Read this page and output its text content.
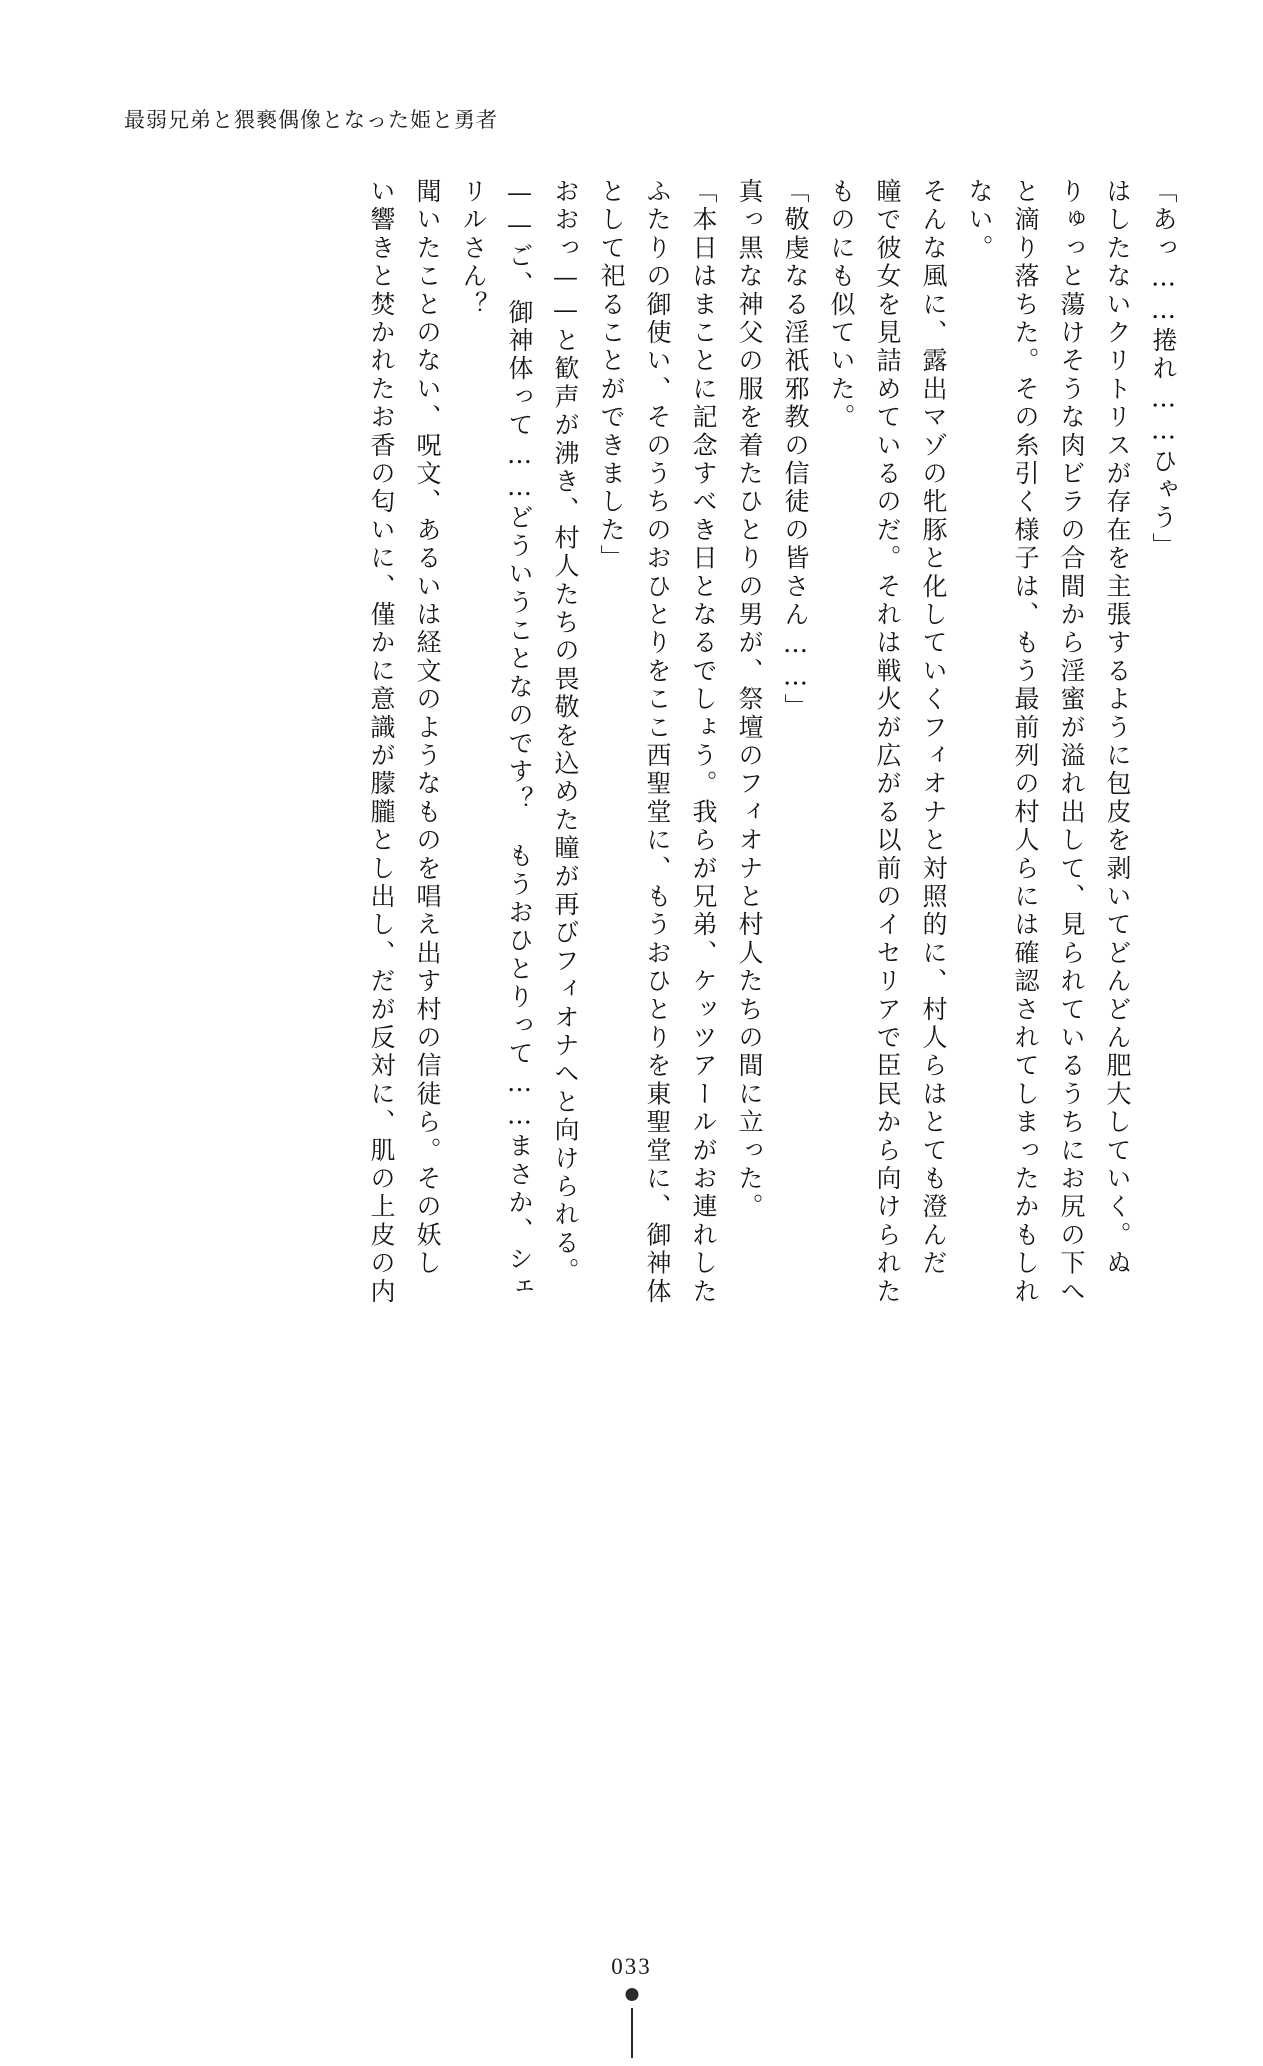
最弱兄弟と猥褻偶像となった姫と勇者
「あっ……捲れ……ひゃう」
はしたないクリトリスが存在を主張するように包皮を剥いてどんどん肥大していく。ぬ
りゅっと蕩けそうな肉ビラの合間から淫蜜が溢れ出して、見られているうちにお尻の下へ
と滴り落ちた。その糸引く様子は、もう最前列の村人らには確認されてしまったかもしれ
ない。
そんな風に、露出マゾの牝豚と化していくフィオナと対照的に、村人らはとても澄んだ
瞳で彼女を見詰めているのだ。それは戦火が広がる以前のイセリアで臣民から向けられた
ものにも似ていた。
「敬虔なる淫祇邪教の信徒の皆さん……」
真っ黒な神父の服を着たひとりの男が、祭壇のフィオナと村人たちの間に立った。
「本日はまことに記念すべき日となるでしょう。我らが兄弟、ケッツアールがお連れした
ふたりの御使い、そのうちのおひとりをここ西聖堂に、もうおひとりを東聖堂に、御神体
として祀ることができました」
おおっ——と歓声が沸き、村人たちの畏敬を込めた瞳が再びフィオナへと向けられる。
——ご、御神体って……どういうことなのです？　もうおひとりって……まさか、シェ
リルさん？
聞いたことのない、呪文、あるいは経文のようなものを唱え出す村の信徒ら。その妖し
い響きと焚かれたお香の匂いに、僅かに意識が朦朧とし出し、だが反対に、肌の上皮の内
033
